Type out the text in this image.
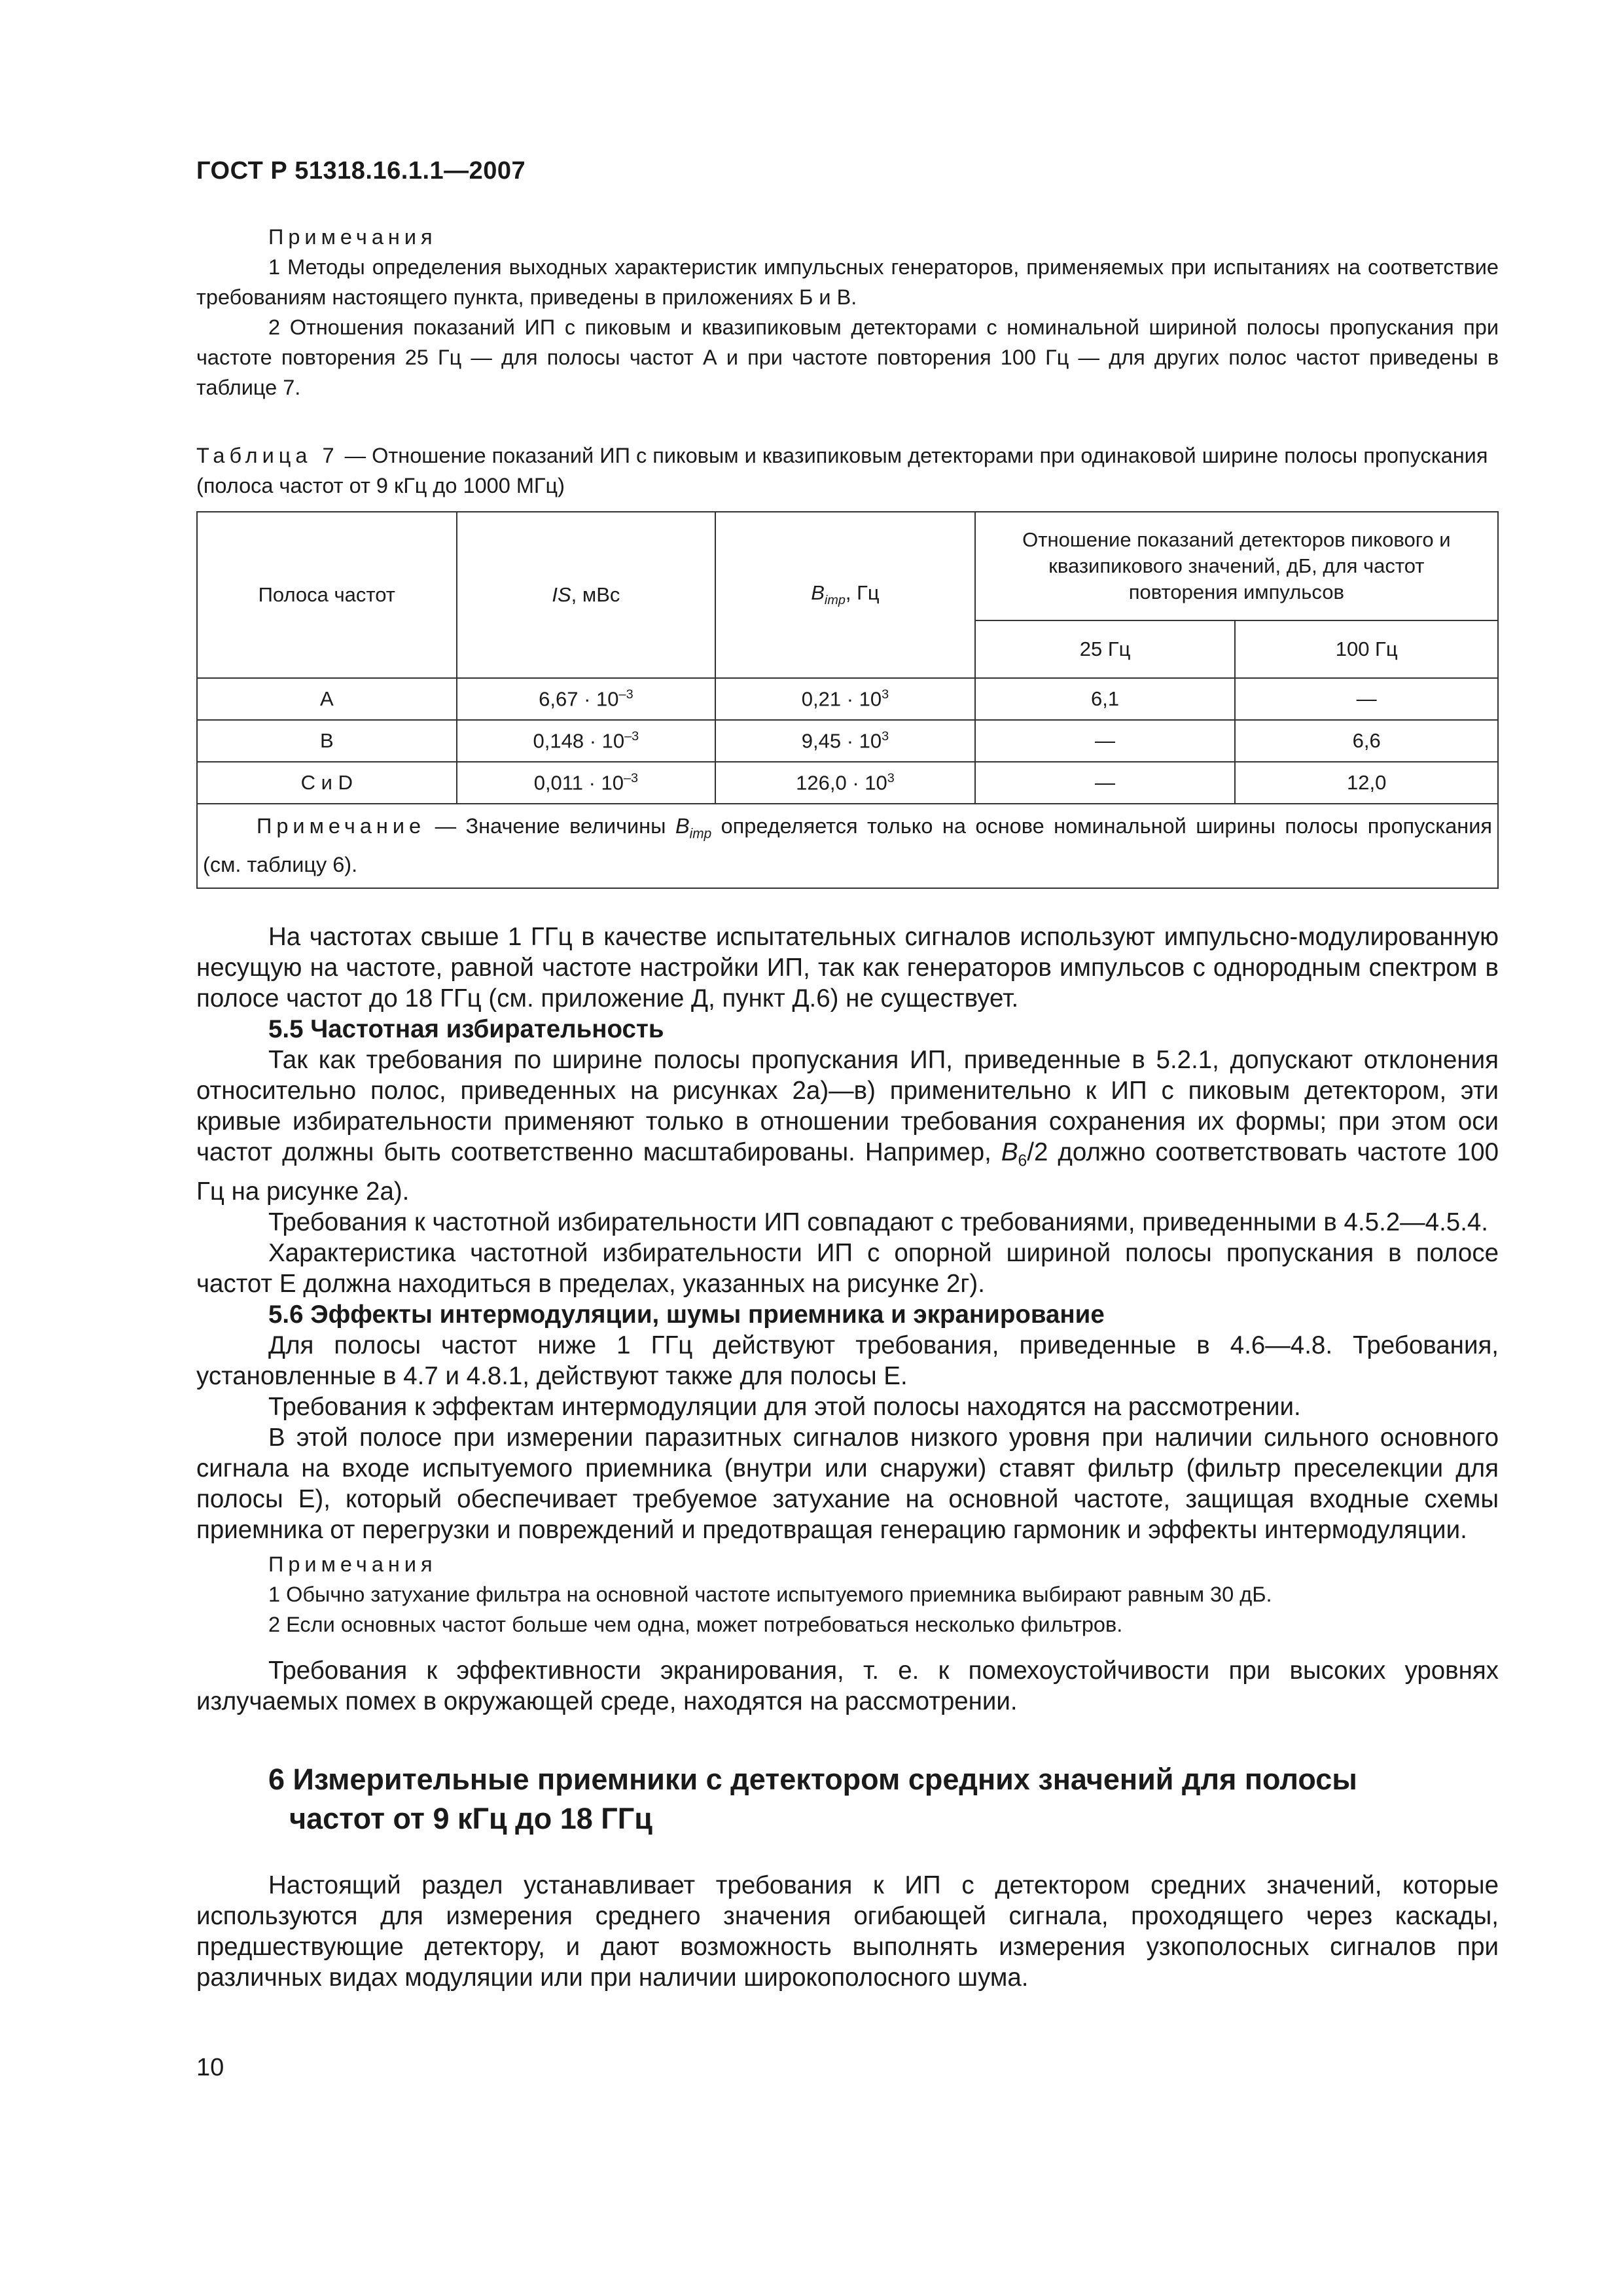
ГОСТ Р 51318.16.1.1—2007

Примечания

1 Методы определения выходных характеристик импульсных генераторов, применяемых при испытаниях на соответствие требованиям настоящего пункта, приведены в приложениях Б и В.

2 Отношения показаний ИП с пиковым и квазипиковым детекторами с номинальной шириной полосы пропускания при частоте повторения 25 Гц — для полосы частот А и при частоте повторения 100 Гц — для других полос частот приведены в таблице 7.

Таблица 7 — Отношение показаний ИП с пиковым и квазипиковым детекторами при одинаковой ширине полосы пропускания (полоса частот от 9 кГц до 1000 МГц)
Полоса частот	IS, мВс	$B_{imp}$, Гц	Отношение показаний детекторов пикового и квазипикового значений, дБ, для частот повторения импульсов	
			25 Гц	100 Гц
А	$6,67 \cdot 10^{-3}$	$0,21 \cdot 10^3$	6,1	—
В	$0,148 \cdot 10^{-3}$	$9,45 \cdot 10^3$	—	6,6
С и D	$0,011 \cdot 10^{-3}$	$126,0 \cdot 10^3$	—	12,0
Примечание — Значение величины $B_{imp}$ определяется только на основе номинальной ширины полосы пропускания (см. таблицу 6).				

На частотах свыше 1 ГГц в качестве испытательных сигналов используют импульсно-модулированную несущую на частоте, равной частоте настройки ИП, так как генераторов импульсов с однородным спектром в полосе частот до 18 ГГц (см. приложение Д, пункт Д.6) не существует.

5.5 Частотная избирательность

Так как требования по ширине полосы пропускания ИП, приведенные в 5.2.1, допускают отклонения относительно полос, приведенных на рисунках 2а)—в) применительно к ИП с пиковым детектором, эти кривые избирательности применяют только в отношении требования сохранения их формы; при этом оси частот должны быть соответственно масштабированы. Например, $B_6/2$ должно соответствовать частоте 100 Гц на рисунке 2а).

Требования к частотной избирательности ИП совпадают с требованиями, приведенными в 4.5.2—4.5.4.

Характеристика частотной избирательности ИП с опорной шириной полосы пропускания в полосе частот Е должна находиться в пределах, указанных на рисунке 2г).

5.6 Эффекты интермодуляции, шумы приемника и экранирование

Для полосы частот ниже 1 ГГц действуют требования, приведенные в 4.6—4.8. Требования, установленные в 4.7 и 4.8.1, действуют также для полосы Е.

Требования к эффектам интермодуляции для этой полосы находятся на рассмотрении.

В этой полосе при измерении паразитных сигналов низкого уровня при наличии сильного основного сигнала на входе испытуемого приемника (внутри или снаружи) ставят фильтр (фильтр преселекции для полосы Е), который обеспечивает требуемое затухание на основной частоте, защищая входные схемы приемника от перегрузки и повреждений и предотвращая генерацию гармоник и эффекты интермодуляции.

Примечания

1 Обычно затухание фильтра на основной частоте испытуемого приемника выбирают равным 30 дБ.

2 Если основных частот больше чем одна, может потребоваться несколько фильтров.

Требования к эффективности экранирования, т. е. к помехоустойчивости при высоких уровнях излучаемых помех в окружающей среде, находятся на рассмотрении.

6 Измерительные приемники с детектором средних значений для полосы
частот от 9 кГц до 18 ГГц

Настоящий раздел устанавливает требования к ИП с детектором средних значений, которые используются для измерения среднего значения огибающей сигнала, проходящего через каскады, предшествующие детектору, и дают возможность выполнять измерения узкополосных сигналов при различных видах модуляции или при наличии широкополосного шума.

10
